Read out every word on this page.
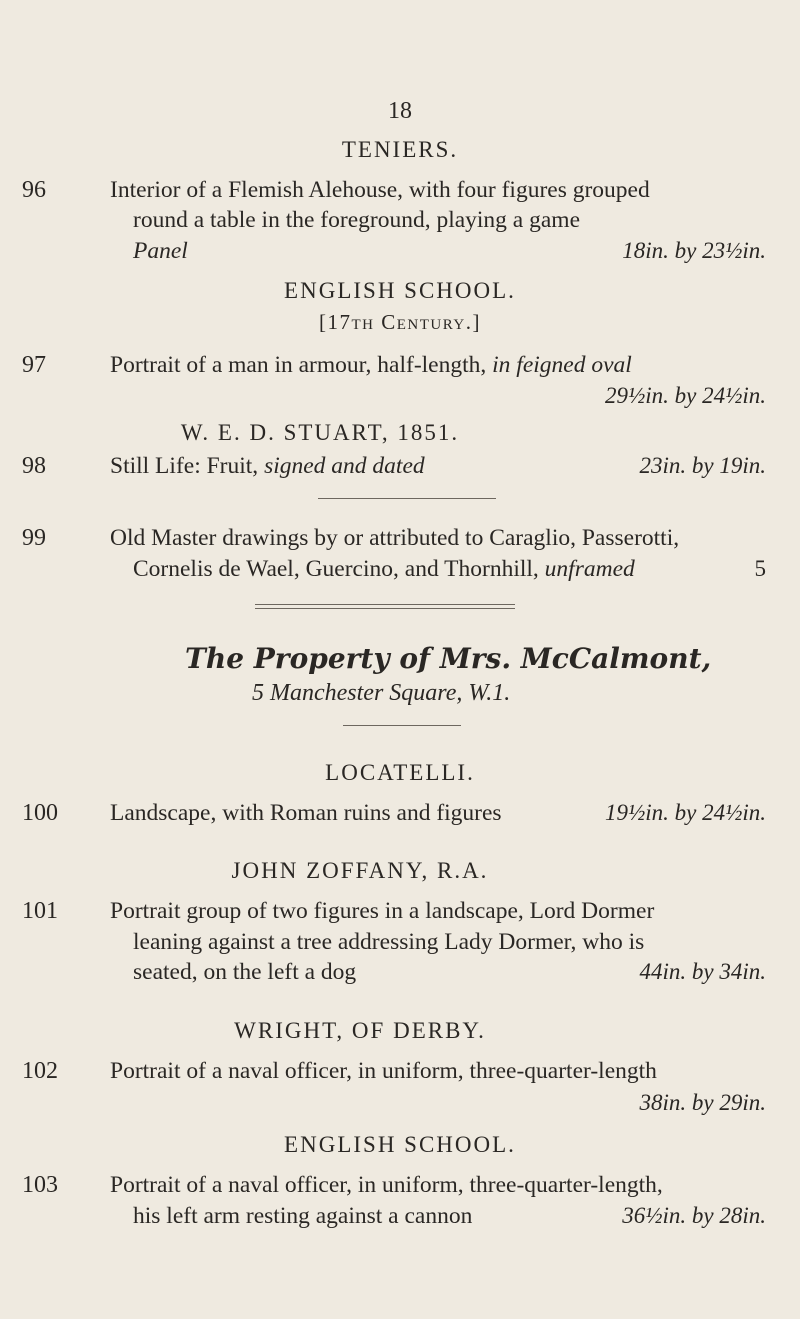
18
TENIERS.
96	Interior of a Flemish Alehouse, with four figures grouped
round a table in the foreground, playing a game
Panel	18in. by 23½in.
ENGLISH SCHOOL.
[17th Century.]
97	Portrait of a man in armour, half-length, in feigned oval
29½in. by 24½in.
W. E. D. STUART, 1851.
98	Still Life: Fruit, signed and dated	23in. by 19in.
99	Old Master drawings by or attributed to Caraglio, Passerotti,
Cornelis de Wael, Guercino, and Thornhill, unframed	5
The Property of Mrs. McCalmont,
5 Manchester Square, W.1.
LOCATELLI.
100	Landscape, with Roman ruins and figures	19½in. by 24½in.
JOHN ZOFFANY, R.A.
101	Portrait group of two figures in a landscape, Lord Dormer
leaning against a tree addressing Lady Dormer, who is
seated, on the left a dog	44in. by 34in.
WRIGHT, OF DERBY.
102	Portrait of a naval officer, in uniform, three-quarter-length
38in. by 29in.
ENGLISH SCHOOL.
103	Portrait of a naval officer, in uniform, three-quarter-length,
his left arm resting against a cannon	36½in. by 28in.
